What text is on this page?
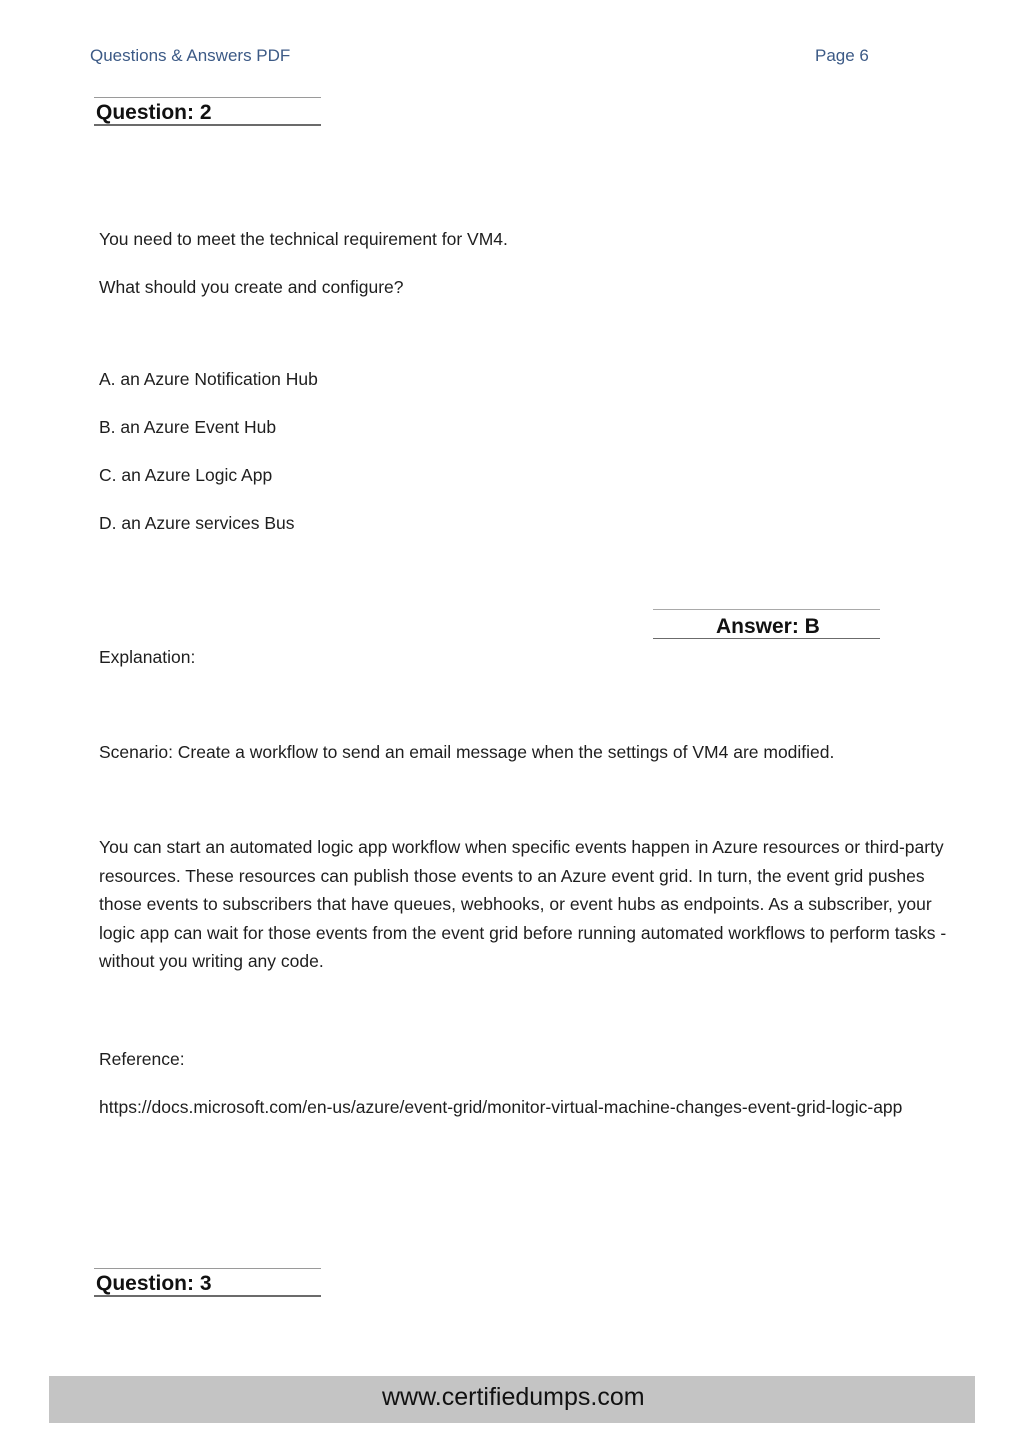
Questions & Answers PDF	Page 6
Question: 2
You need to meet the technical requirement for VM4.
What should you create and configure?
A. an Azure Notification Hub
B. an Azure Event Hub
C. an Azure Logic App
D. an Azure services Bus
Answer: B
Explanation:
Scenario: Create a workflow to send an email message when the settings of VM4 are modified.
You can start an automated logic app workflow when specific events happen in Azure resources or third-party resources. These resources can publish those events to an Azure event grid. In turn, the event grid pushes those events to subscribers that have queues, webhooks, or event hubs as endpoints. As a subscriber, your logic app can wait for those events from the event grid before running automated workflows to perform tasks - without you writing any code.
Reference:
https://docs.microsoft.com/en-us/azure/event-grid/monitor-virtual-machine-changes-event-grid-logic-app
Question: 3
www.certifiedumps.com
